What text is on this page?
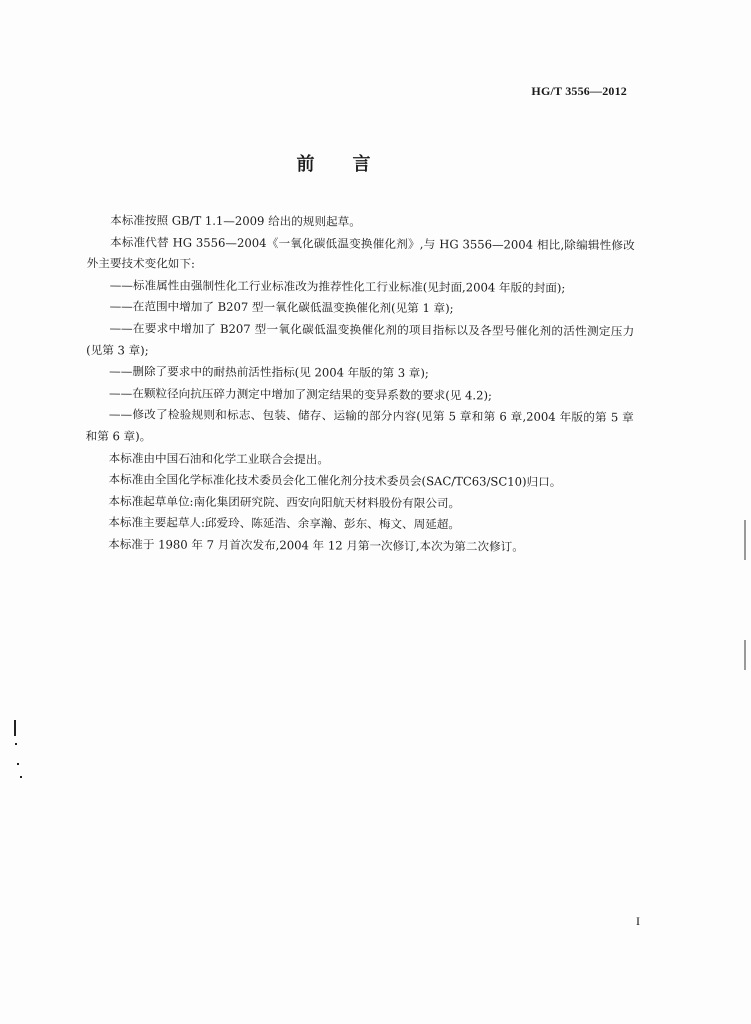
HG/T 3556—2012
前言

本标准按照 GB/T 1.1—2009 给出的规则起草。

本标准代替 HG 3556—2004《一氧化碳低温变换催化剂》,与 HG 3556—2004 相比,除编辑性修改外主要技术变化如下:

——标准属性由强制性化工行业标准改为推荐性化工行业标准(见封面,2004 年版的封面);

——在范围中增加了 B207 型一氧化碳低温变换催化剂(见第 1 章);

——在要求中增加了 B207 型一氧化碳低温变换催化剂的项目指标以及各型号催化剂的活性测定压力(见第 3 章);

——删除了要求中的耐热前活性指标(见 2004 年版的第 3 章);

——在颗粒径向抗压碎力测定中增加了测定结果的变异系数的要求(见 4.2);

——修改了检验规则和标志、包装、储存、运输的部分内容(见第 5 章和第 6 章,2004 年版的第 5 章和第 6 章)。

本标准由中国石油和化学工业联合会提出。

本标准由全国化学标准化技术委员会化工催化剂分技术委员会(SAC/TC63/SC10)归口。

本标准起草单位:南化集团研究院、西安向阳航天材料股份有限公司。

本标准主要起草人:邱爱玲、陈延浩、余享瀚、彭东、梅文、周延超。

本标准于 1980 年 7 月首次发布,2004 年 12 月第一次修订,本次为第二次修订。

I
